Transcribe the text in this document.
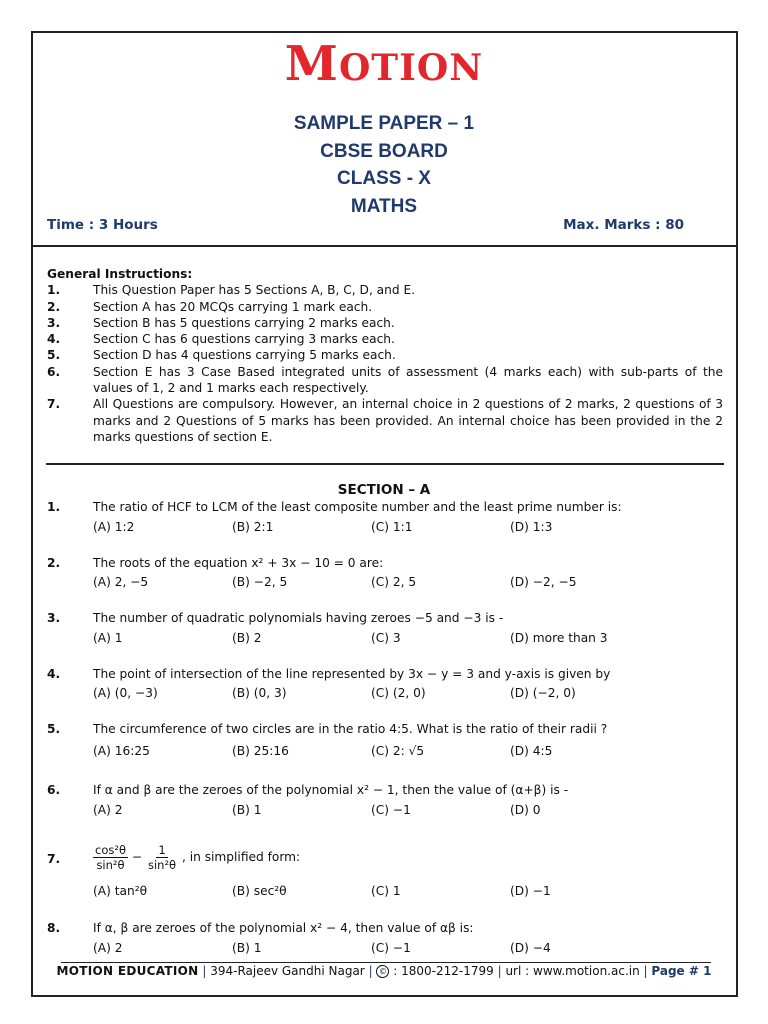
MOTION
SAMPLE PAPER – 1
CBSE BOARD
CLASS - X
MATHS
Time : 3 Hours	Max. Marks : 80
General Instructions:
1.	This Question Paper has 5 Sections A, B, C, D, and E.
2.	Section A has 20 MCQs carrying 1 mark each.
3.	Section B has 5 questions carrying 2 marks each.
4.	Section C has 6 questions carrying 3 marks each.
5.	Section D has 4 questions carrying 5 marks each.
6.	Section E has 3 Case Based integrated units of assessment (4 marks each) with sub-parts of the values of 1, 2 and 1 marks each respectively.
7.	All Questions are compulsory. However, an internal choice in 2 questions of 2 marks, 2 questions of 3 marks and 2 Questions of 5 marks has been provided. An internal choice has been provided in the 2 marks questions of section E.
SECTION – A
1.	The ratio of HCF to LCM of the least composite number and the least prime number is:
(A) 1:2	(B) 2:1	(C) 1:1	(D) 1:3
2.	The roots of the equation x² + 3x − 10 = 0 are:
(A) 2, −5	(B) −2, 5	(C) 2, 5	(D) −2, −5
3.	The number of quadratic polynomials having zeroes −5 and −3 is -
(A) 1	(B) 2	(C) 3	(D) more than 3
4.	The point of intersection of the line represented by 3x − y = 3 and y-axis is given by
(A) (0, −3)	(B) (0, 3)	(C) (2, 0)	(D) (−2, 0)
5.	The circumference of two circles are in the ratio 4:5. What is the ratio of their radii ?
(A) 16:25	(B) 25:16	(C) 2: √5	(D) 4:5
6.	If α and β are the zeroes of the polynomial x² − 1, then the value of (α+β) is -
(A) 2	(B) 1	(C) −1	(D) 0
7.	$\frac{\text{cos²θ}}{\text{sin²θ}} - \frac{1}{\text{sin²θ}}$ , in simplified form:
(A) tan²θ	(B) sec²θ	(C) 1	(D) −1
8.	If α, β are zeroes of the polynomial x² − 4, then value of αβ is:
(A) 2	(B) 1	(C) −1	(D) −4
MOTION EDUCATION | 394-Rajeev Gandhi Nagar | © : 1800-212-1799 | url : www.motion.ac.in | Page # 1
